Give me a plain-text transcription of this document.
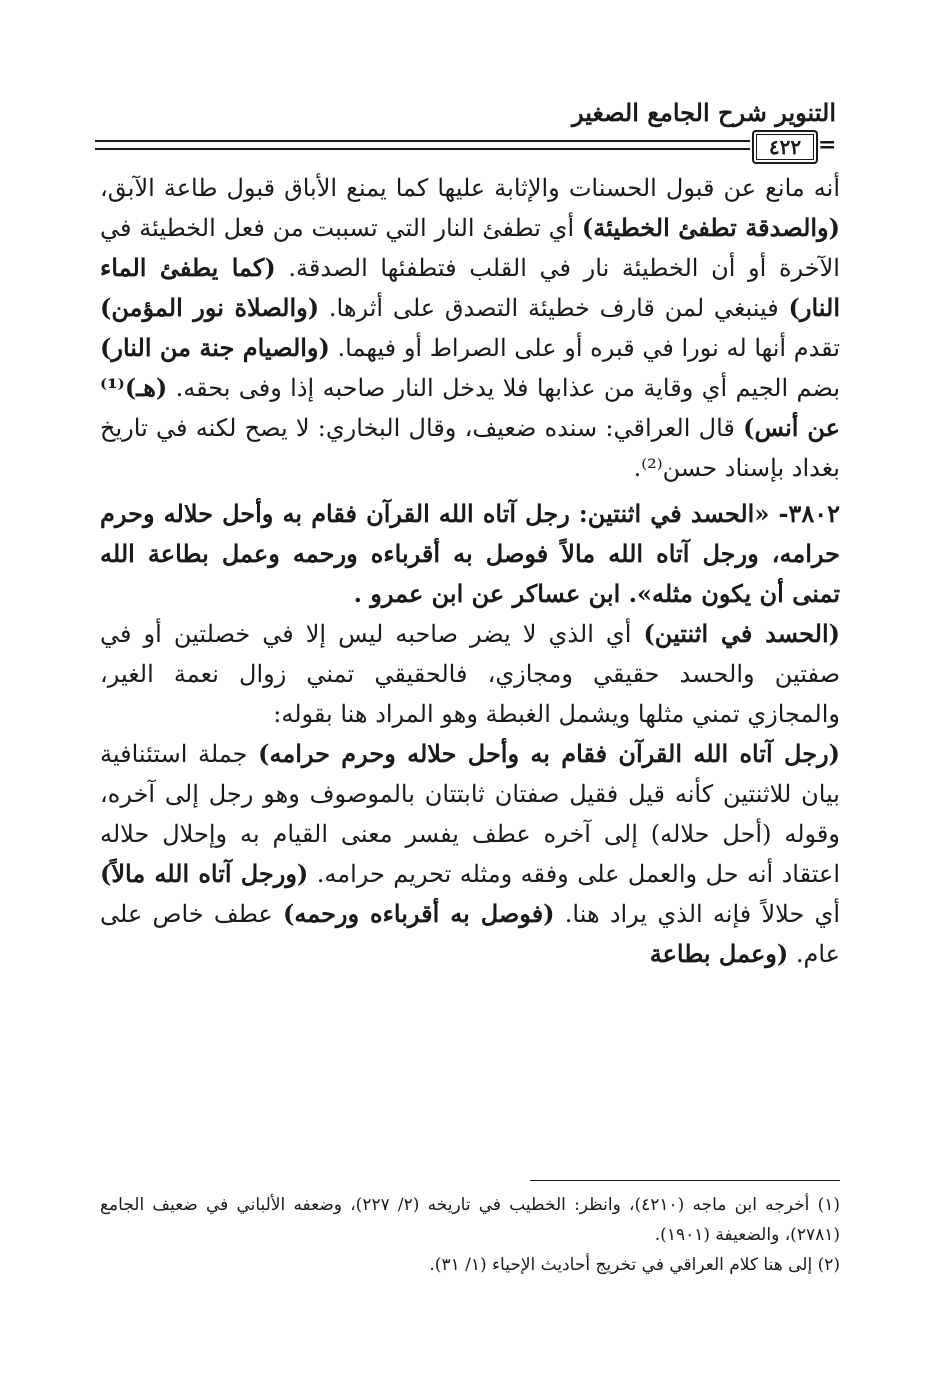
التنوير شرح الجامع الصغير
٤٢٢ =

أنه مانع عن قبول الحسنات والإثابة عليها كما يمنع الأباق قبول طاعة الآبق، (والصدقة تطفئ الخطيئة) أي تطفئ النار التي تسببت من فعل الخطيئة في الآخرة أو أن الخطيئة نار في القلب فتطفئها الصدقة. (كما يطفئ الماء النار) فينبغي لمن قارف خطيئة التصدق على أثرها. (والصلاة نور المؤمن) تقدم أنها له نورا في قبره أو على الصراط أو فيهما. (والصيام جنة من النار) بضم الجيم أي وقاية من عذابها فلا يدخل النار صاحبه إذا وفى بحقه. (هـ)⁽¹⁾ عن أنس) قال العراقي: سنده ضعيف، وقال البخاري: لا يصح لكنه في تاريخ بغداد بإسناد حسن⁽²⁾.

٣٨٠٢- «الحسد في اثنتين: رجل آتاه الله القرآن فقام به وأحل حلاله وحرم حرامه، ورجل آتاه الله مالاً فوصل به أقرباءه ورحمه وعمل بطاعة الله تمنى أن يكون مثله». ابن عساكر عن ابن عمرو .

(الحسد في اثنتين) أي الذي لا يضر صاحبه ليس إلا في خصلتين أو في صفتين والحسد حقيقي ومجازي، فالحقيقي تمني زوال نعمة الغير، والمجازي تمني مثلها ويشمل الغبطة وهو المراد هنا بقوله:

(رجل آتاه الله القرآن فقام به وأحل حلاله وحرم حرامه) جملة استئنافية بيان للاثنتين كأنه قيل فقيل صفتان ثابتتان بالموصوف وهو رجل إلى آخره، وقوله (أحل حلاله) إلى آخره عطف يفسر معنى القيام به وإحلال حلاله اعتقاد أنه حل والعمل على وفقه ومثله تحريم حرامه. (ورجل آتاه الله مالاً) أي حلالاً فإنه الذي يراد هنا. (فوصل به أقرباءه ورحمه) عطف خاص على عام. (وعمل بطاعة

(١) أخرجه ابن ماجه (٤٢١٠)، وانظر: الخطيب في تاريخه (٢/ ٢٢٧)، وضعفه الألباني في ضعيف الجامع (٢٧٨١)، والضعيفة (١٩٠١).

(٢) إلى هنا كلام العراقي في تخريج أحاديث الإحياء (١/ ٣١).
